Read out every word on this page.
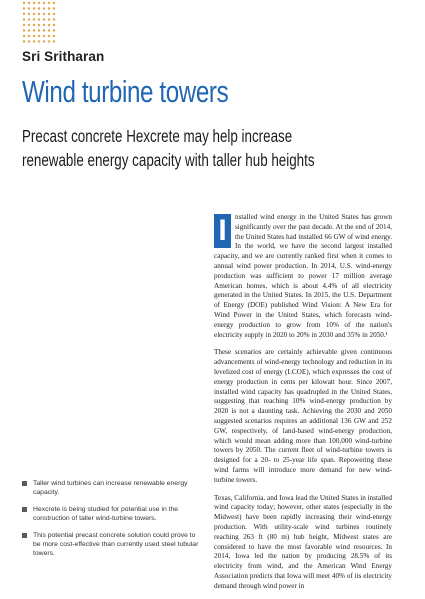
Sri Sritharan
Wind turbine towers
Precast concrete Hexcrete may help increase
renewable energy capacity with taller hub heights

I	nstalled wind energy in the United States has grown significantly over the past decade. At the end of 2014, the United States had installed 66 GW of wind energy. In the world, we have the second largest installed capacity, and we are currently ranked first when it comes to annual wind power production. In 2014, U.S. wind-energy production was sufficient to power 17 million average American homes, which is about 4.4% of all electricity generated in the United States. In 2015, the U.S. Department of Energy (DOE) published Wind Vision: A New Era for Wind Power in the United States, which forecasts wind-energy production to grow from 10% of the nation's electricity supply in 2020 to 20% in 2030 and 35% in 2050.¹

These scenarios are certainly achievable given continuous advancements of wind-energy technology and reduction in its levelized cost of energy (LCOE), which expresses the cost of energy production in cents per kilowatt hour. Since 2007, installed wind capacity has quadrupled in the United States, suggesting that reaching 10% wind-energy production by 2020 is not a daunting task. Achieving the 2030 and 2050 suggested scenarios requires an additional 136 GW and 252 GW, respectively, of land-based wind-energy production, which would mean adding more than 100,000 wind-turbine towers by 2050. The current fleet of wind-turbine towers is designed for a 20- to 25-year life span. Repowering these wind farms will introduce more demand for new wind-turbine towers.

Texas, California, and Iowa lead the United States in installed wind capacity today; however, other states (especially in the Midwest) have been rapidly increasing their wind-energy production. With utility-scale wind turbines routinely reaching 263 ft (80 m) hub height, Midwest states are considered to have the most favorable wind resources. In 2014, Iowa led the nation by producing 28.5% of its electricity from wind, and the American Wind Energy Association predicts that Iowa will meet 40% of its electricity demand through wind power in

Taller wind turbines can increase renewable energy capacity.
Hexcrete is being studied for potential use in the construction of taller wind-turbine towers.
This potential precast concrete solution could prove to be more cost-effective than currently used steel tubular towers.
